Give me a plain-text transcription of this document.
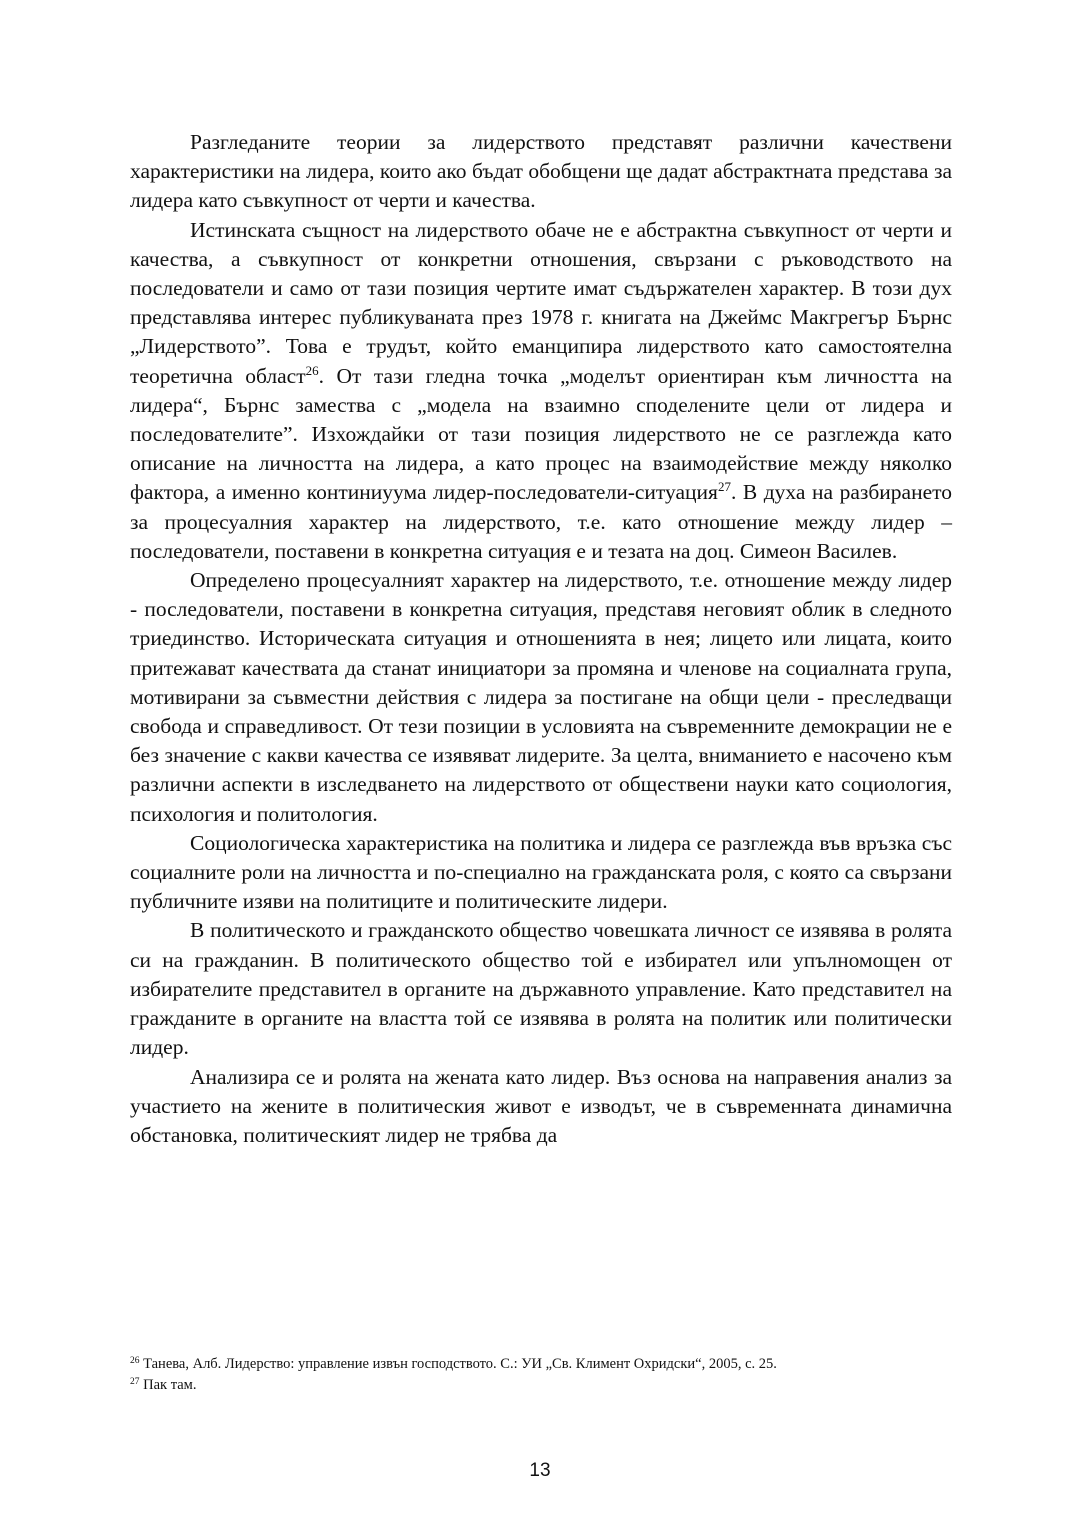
Разгледаните теории за лидерството представят различни качествени характеристики на лидера, които ако бъдат обобщени ще дадат абстрактната представа за лидера като съвкупност от черти и качества.

Истинската същност на лидерството обаче не е абстрактна съвкупност от черти и качества, а съвкупност от конкретни отношения, свързани с ръководството на последователи и само от тази позиция чертите имат съдържателен характер. В този дух представлява интерес публикуваната през 1978 г. книгата на Джеймс Макгрегър Бърнс „Лидерството”. Това е трудът, който еманципира лидерството като самостоятелна теоретична област$^{26}$. От тази гледна точка „моделът ориентиран към личността на лидера“, Бърнс замества с „модела на взаимно споделените цели от лидера и последователите”. Изхождайки от тази позиция лидерството не се разглежда като описание на личността на лидера, а като процес на взаимодействие между няколко фактора, а именно континиуума лидер-последователи-ситуация$^{27}$. В духа на разбирането за процесуалния характер на лидерството, т.е. като отношение между лидер – последователи, поставени в конкретна ситуация е и тезата на доц. Симеон Василев.

Определено процесуалният характер на лидерството, т.е. отношение между лидер - последователи, поставени в конкретна ситуация, представя неговият облик в следното триединство. Историческата ситуация и отношенията в нея; лицето или лицата, които притежават качествата да станат инициатори за промяна и членове на социалната група, мотивирани за съвместни действия с лидера за постигане на общи цели - преследващи свобода и справедливост. От тези позиции в условията на съвременните демокрации не е без значение с какви качества се изявяват лидерите. За целта, вниманието е насочено към различни аспекти в изследването на лидерството от обществени науки като социология, психология и политология.

Социологическа характеристика на политика и лидера се разглежда във връзка със социалните роли на личността и по-специално на гражданската роля, с която са свързани публичните изяви на политиците и политическите лидери.

В политическото и гражданското общество човешката личност се изявява в ролята си на гражданин. В политическото общество той е избирател или упълномощен от избирателите представител в органите на държавното управление. Като представител на гражданите в органите на властта той се изявява в ролята на политик или политически лидер.

Анализира се и ролята на жената като лидер. Въз основа на направения анализ за участието на жените в политическия живот е изводът, че в съвременната динамична обстановка, политическият лидер не трябва да

$^{26}$ Танева, Алб. Лидерство: управление извън господството. С.: УИ „Св. Климент Охридски“, 2005, с. 25.

$^{27}$ Пак там.

13
